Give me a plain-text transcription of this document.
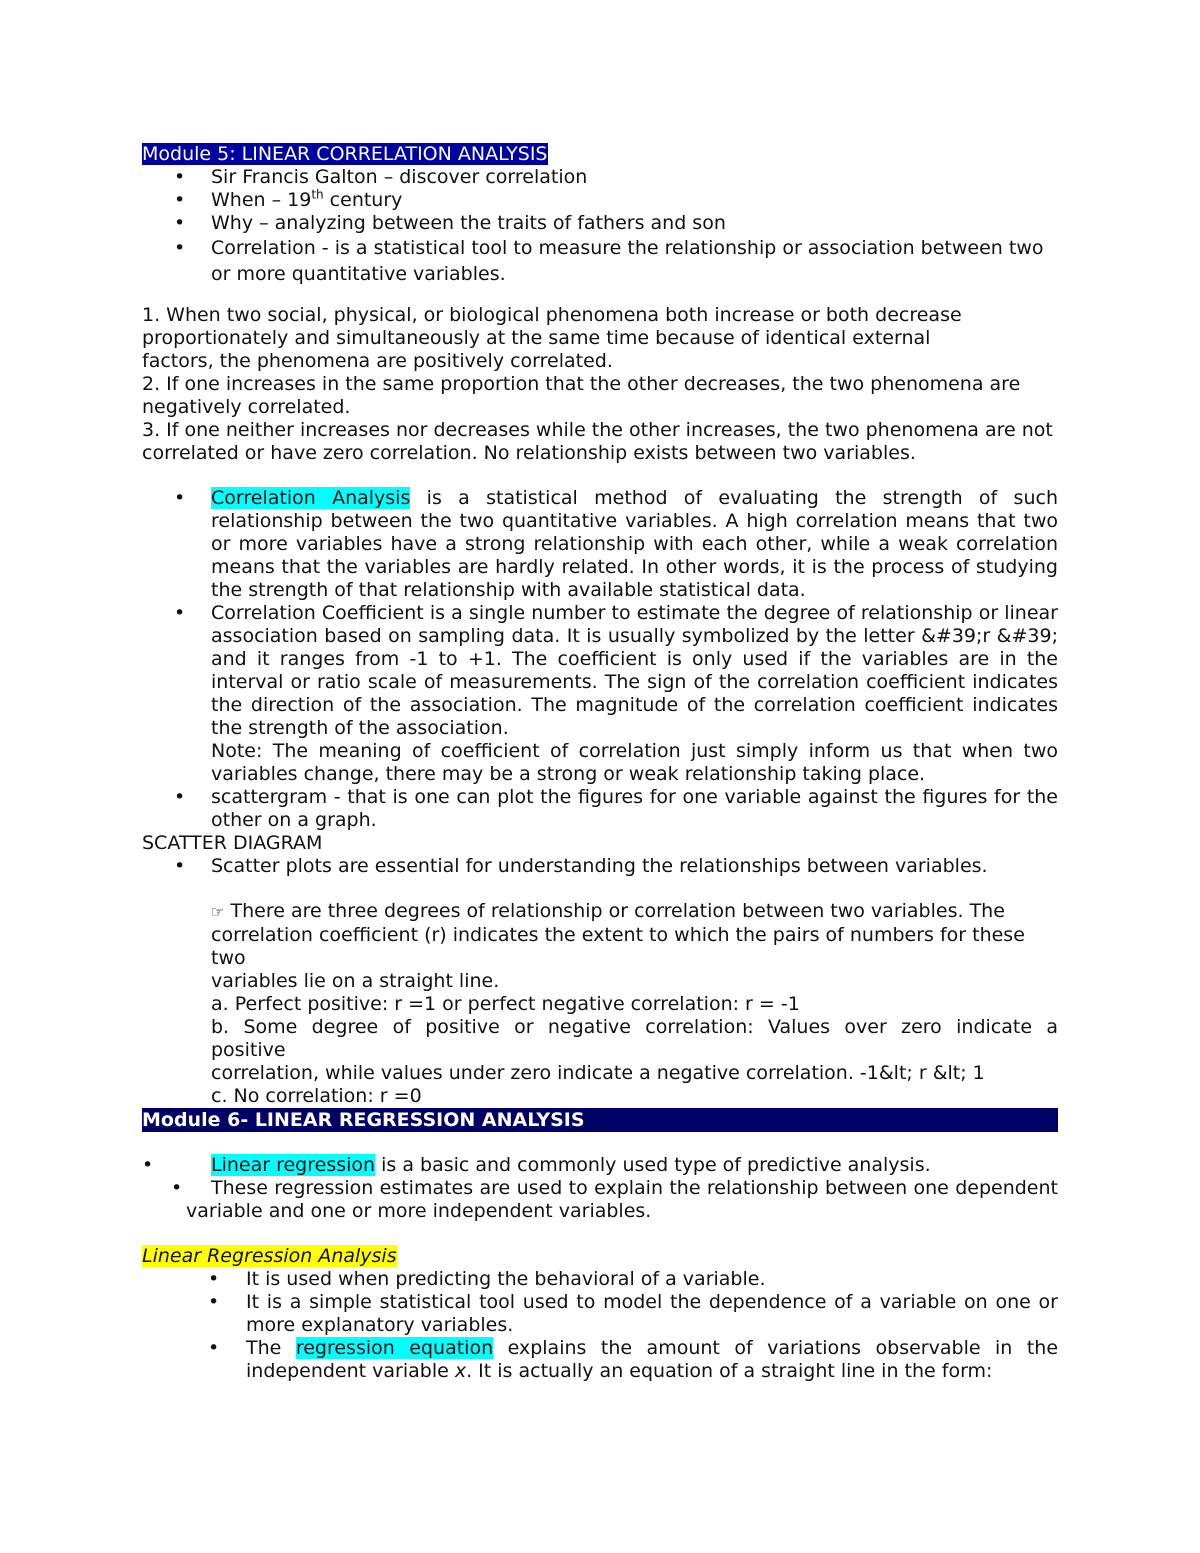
Module 5: LINEAR CORRELATION ANALYSIS

• Sir Francis Galton – discover correlation
• When – 19th century
• Why – analyzing between the traits of fathers and son
• Correlation - is a statistical tool to measure the relationship or association between two or more quantitative variables.

1. When two social, physical, or biological phenomena both increase or both decrease

proportionately and simultaneously at the same time because of identical external

factors, the phenomena are positively correlated.

2. If one increases in the same proportion that the other decreases, the two phenomena are negatively correlated.

3. If one neither increases nor decreases while the other increases, the two phenomena are not correlated or have zero correlation. No relationship exists between two variables.

• Correlation Analysis is a statistical method of evaluating the strength of such relationship between the two quantitative variables. A high correlation means that two or more variables have a strong relationship with each other, while a weak correlation means that the variables are hardly related. In other words, it is the process of studying the strength of that relationship with available statistical data.
• Correlation Coefficient is a single number to estimate the degree of relationship or linear association based on sampling data. It is usually symbolized by the letter &#39;r &#39; and it ranges from -1 to +1. The coefficient is only used if the variables are in the interval or ratio scale of measurements. The sign of the correlation coefficient indicates the direction of the association. The magnitude of the correlation coefficient indicates the strength of the association.
Note: The meaning of coefficient of correlation just simply inform us that when two variables change, there may be a strong or weak relationship taking place.
• scattergram - that is one can plot the figures for one variable against the figures for the other on a graph.

SCATTER DIAGRAM

• Scatter plots are essential for understanding the relationships between variables.

☞ There are three degrees of relationship or correlation between two variables. The

correlation coefficient (r) indicates the extent to which the pairs of numbers for these

two

variables lie on a straight line.

a. Perfect positive: r =1 or perfect negative correlation: r = -1

b. Some degree of positive or negative correlation: Values over zero indicate a

positive

correlation, while values under zero indicate a negative correlation. -1&lt; r &lt; 1

c. No correlation: r =0

Module 6- LINEAR REGRESSION ANALYSIS

• Linear regression is a basic and commonly used type of predictive analysis.
• These regression estimates are used to explain the relationship between one dependent variable and one or more independent variables.

Linear Regression Analysis

• It is used when predicting the behavioral of a variable.
• It is a simple statistical tool used to model the dependence of a variable on one or more explanatory variables.
• The regression equation explains the amount of variations observable in the independent variable x. It is actually an equation of a straight line in the form:
